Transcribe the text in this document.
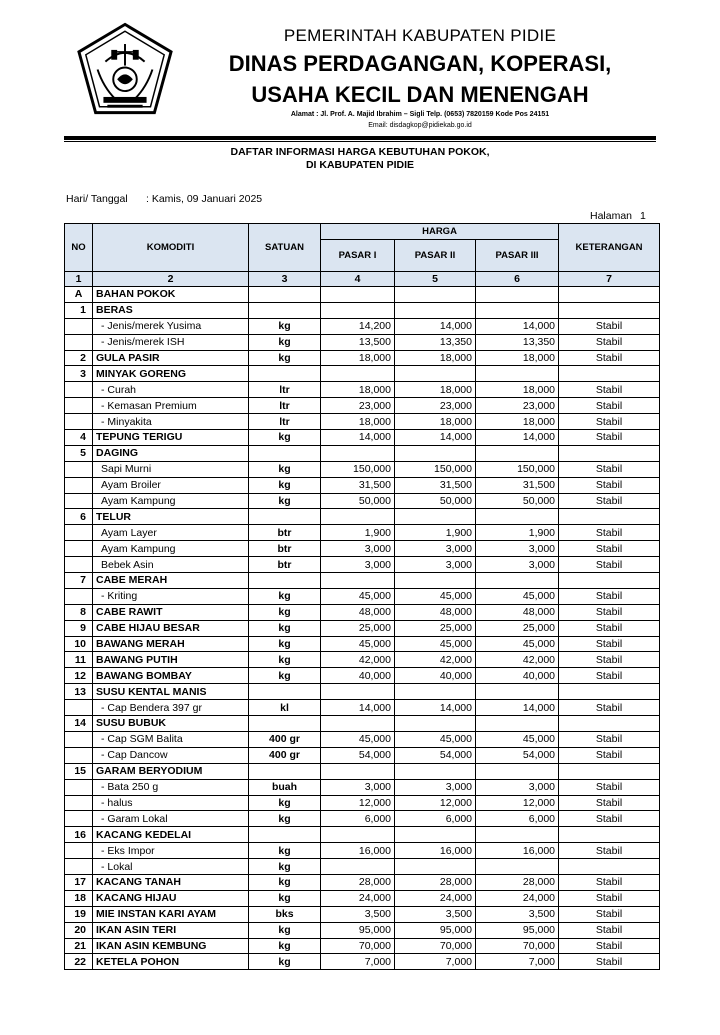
PEMERINTAH KABUPATEN PIDIE
DINAS PERDAGANGAN, KOPERASI,
USAHA KECIL DAN MENENGAH
Alamat : Jl. Prof. A. Majid Ibrahim – Sigli Telp. (0653) 7820159 Kode Pos 24151
Email: disdagkop@pidiekab.go.id
DAFTAR INFORMASI HARGA KEBUTUHAN POKOK,
DI KABUPATEN PIDIE
Hari/ Tanggal : Kamis, 09 Januari 2025
Halaman 1
NO	KOMODITI	SATUAN	HARGA			KETERANGAN
			PASAR I	PASAR II	PASAR III	
1	2	3	4	5	6	7
A	BAHAN POKOK					
1	BERAS					
	- Jenis/merek Yusima	kg	14,200	14,000	14,000	Stabil
	- Jenis/merek ISH	kg	13,500	13,350	13,350	Stabil
2	GULA PASIR	kg	18,000	18,000	18,000	Stabil
3	MINYAK GORENG					
	- Curah	ltr	18,000	18,000	18,000	Stabil
	- Kemasan Premium	ltr	23,000	23,000	23,000	Stabil
	- Minyakita	ltr	18,000	18,000	18,000	Stabil
4	TEPUNG TERIGU	kg	14,000	14,000	14,000	Stabil
5	DAGING					
	Sapi Murni	kg	150,000	150,000	150,000	Stabil
	Ayam Broiler	kg	31,500	31,500	31,500	Stabil
	Ayam Kampung	kg	50,000	50,000	50,000	Stabil
6	TELUR					
	Ayam Layer	btr	1,900	1,900	1,900	Stabil
	Ayam Kampung	btr	3,000	3,000	3,000	Stabil
	Bebek Asin	btr	3,000	3,000	3,000	Stabil
7	CABE MERAH					
	- Kriting	kg	45,000	45,000	45,000	Stabil
8	CABE RAWIT	kg	48,000	48,000	48,000	Stabil
9	CABE HIJAU BESAR	kg	25,000	25,000	25,000	Stabil
10	BAWANG MERAH	kg	45,000	45,000	45,000	Stabil
11	BAWANG PUTIH	kg	42,000	42,000	42,000	Stabil
12	BAWANG BOMBAY	kg	40,000	40,000	40,000	Stabil
13	SUSU KENTAL MANIS					
	- Cap Bendera 397 gr	kl	14,000	14,000	14,000	Stabil
14	SUSU BUBUK					
	- Cap SGM Balita	400 gr	45,000	45,000	45,000	Stabil
	- Cap Dancow	400 gr	54,000	54,000	54,000	Stabil
15	GARAM BERYODIUM					
	- Bata 250 g	buah	3,000	3,000	3,000	Stabil
	- halus	kg	12,000	12,000	12,000	Stabil
	- Garam Lokal	kg	6,000	6,000	6,000	Stabil
16	KACANG KEDELAI					
	- Eks Impor	kg	16,000	16,000	16,000	Stabil
	- Lokal	kg				
17	KACANG TANAH	kg	28,000	28,000	28,000	Stabil
18	KACANG HIJAU	kg	24,000	24,000	24,000	Stabil
19	MIE INSTAN KARI AYAM	bks	3,500	3,500	3,500	Stabil
20	IKAN ASIN TERI	kg	95,000	95,000	95,000	Stabil
21	IKAN ASIN KEMBUNG	kg	70,000	70,000	70,000	Stabil
22	KETELA POHON	kg	7,000	7,000	7,000	Stabil
